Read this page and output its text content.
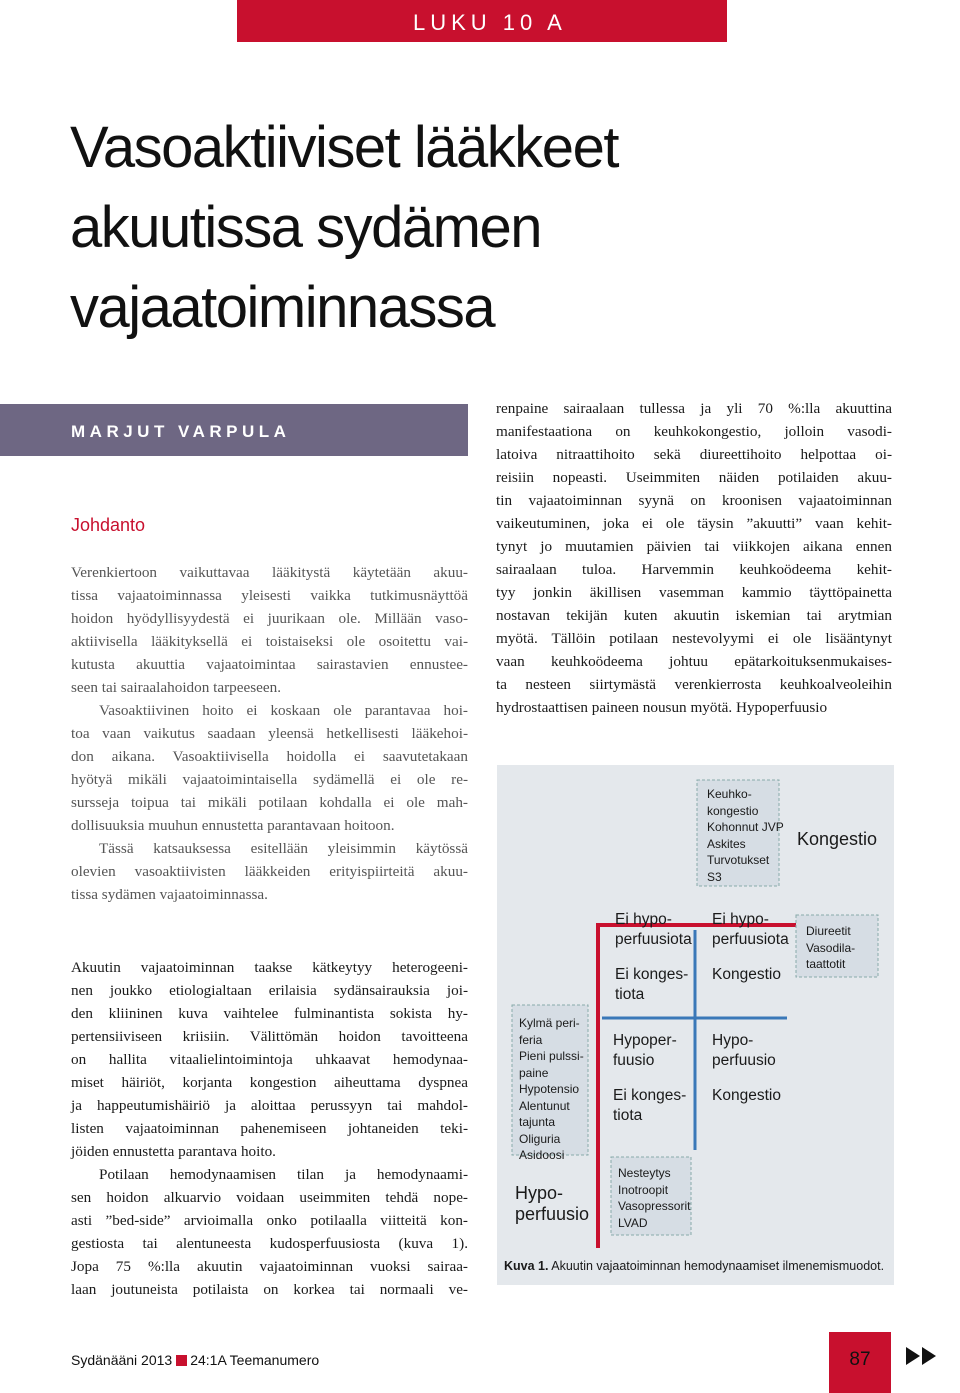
LUKU 10 A
Vasoaktiiviset lääkkeet
akuutissa sydämen
vajaatoiminnassa
MARJUT VARPULA
Johdanto
Verenkiertoon vaikuttavaa lääkitystä käytetään akuu-
tissa vajaatoiminnassa yleisesti vaikka tutkimusnäyttöä
hoidon hyödyllisyydestä ei juurikaan ole. Millään vaso-
aktiivisella lääkityksellä ei toistaiseksi ole osoitettu vai-
kutusta akuuttia vajaatoimintaa sairastavien ennustee-
seen tai sairaalahoidon tarpeeseen.
Vasoaktiivinen hoito ei koskaan ole parantavaa hoi-
toa vaan vaikutus saadaan yleensä hetkellisesti lääkehoi-
don aikana. Vasoaktiivisella hoidolla ei saavutetakaan
hyötyä mikäli vajaatoimintaisella sydämellä ei ole re-
sursseja toipua tai mikäli potilaan kohdalla ei ole mah-
dollisuuksia muuhun ennustetta parantavaan hoitoon.
Tässä katsauksessa esitellään yleisimmin käytössä
olevien vasoaktiivisten lääkkeiden erityispiirteitä akuu-
tissa sydämen vajaatoiminnassa.
Akuutin vajaatoiminnan taakse kätkeytyy heterogeeni-
nen joukko etiologialtaan erilaisia sydänsairauksia joi-
den kliininen kuva vaihtelee fulminantista sokista hy-
pertensiiviseen kriisiin. Välittömän hoidon tavoitteena
on hallita vitaalielintoimintoja uhkaavat hemodynaa-
miset häiriöt, korjanta kongestion aiheuttama dyspnea
ja happeutumishäiriö ja aloittaa perussyyn tai mahdol-
listen vajaatoiminnan pahenemiseen johtaneiden teki-
jöiden ennustetta parantava hoito.
Potilaan hemodynaamisen tilan ja hemodynaami-
sen hoidon alkuarvio voidaan useimmiten tehdä nope-
asti ”bed-side” arvioimalla onko potilaalla viitteitä kon-
gestiosta tai alentuneesta kudosperfuusiosta (kuva 1).
Jopa 75 %:lla akuutin vajaatoiminnan vuoksi sairaa-
laan joutuneista potilaista on korkea tai normaali ve-
renpaine sairaalaan tullessa ja yli 70 %:lla akuuttina
manifestaationa on keuhkokongestio, jolloin vasodi-
latoiva nitraattihoito sekä diureettihoito helpottaa oi-
reisiin nopeasti. Useimmiten näiden potilaiden akuu-
tin vajaatoiminnan syynä on kroonisen vajaatoiminnan
vaikeutuminen, joka ei ole täysin ”akuutti” vaan kehit-
tynyt jo muutamien päivien tai viikkojen aikana ennen
sairaalaan tuloa. Harvemmin keuhkoödeema kehit-
tyy jonkin äkillisen vasemman kammio täyttöpainetta
nostavan tekijän kuten akuutin iskemian tai arytmian
myötä. Tällöin potilaan nestevolyymi ei ole lisääntynyt
vaan keuhkoödeema johtuu epätarkoituksenmukaises-
ta nesteen siirtymästä verenkierrosta keuhkoalveoleihin
hydrostaattisen paineen nousun myötä. Hypoperfuusio
Keuhko-
kongestio
Kohonnut JVP
Askites
Turvotukset
S3
Kongestio
Kylmä peri-
feria
Pieni pulssi-
paine
Hypotensio
Alentunut
tajunta
Oliguria
Asidoosi
Hypo-
perfuusio
Ei hypo-
perfuusiota
Ei konges-
tiota
Ei hypo-
perfuusiota
Kongestio
Hypoper-
fuusio
Ei konges-
tiota
Hypo-
perfuusio
Kongestio
Diureetit
Vasodila-
taattotit
Nesteytys
Inotroopit
Vasopressorit
LVAD
Kuva 1. Akuutin vajaatoiminnan hemodynaamiset ilmenemismuodot.
Sydänääni 2013 24:1A Teemanumero	87
